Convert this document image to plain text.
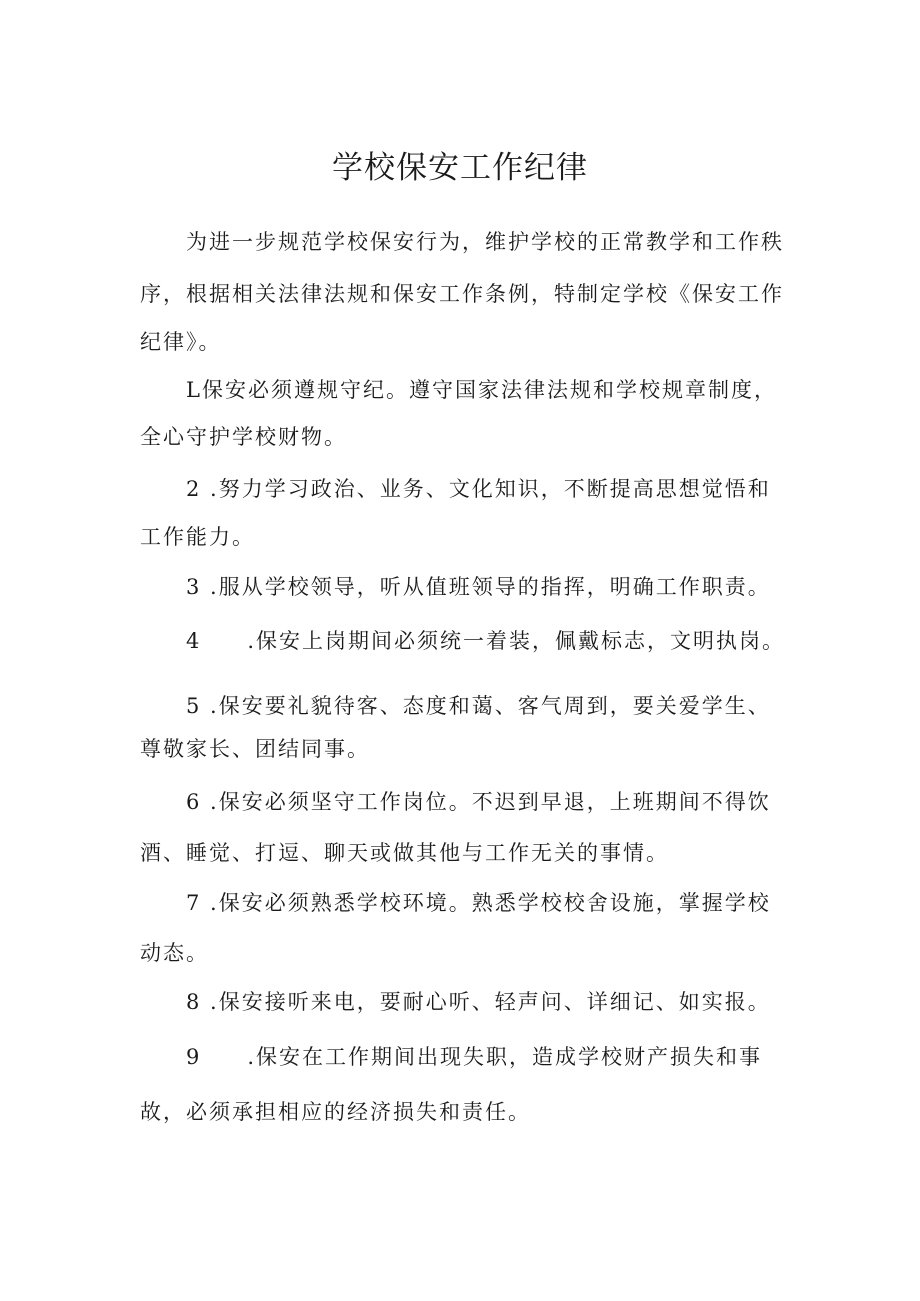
学校保安工作纪律
为进一步规范学校保安行为，维护学校的正常教学和工作秩
序，根据相关法律法规和保安工作条例，特制定学校《保安工作
纪律》。
L保安必须遵规守纪。遵守国家法律法规和学校规章制度，
全心守护学校财物。
2 .努力学习政治、业务、文化知识，不断提高思想觉悟和
工作能力。
3 .服从学校领导，听从值班领导的指挥，明确工作职责。
4　　.保安上岗期间必须统一着装，佩戴标志，文明执岗。
5 .保安要礼貌待客、态度和蔼、客气周到，要关爱学生、
尊敬家长、团结同事。
6 .保安必须坚守工作岗位。不迟到早退，上班期间不得饮
酒、睡觉、打逗、聊天或做其他与工作无关的事情。
7 .保安必须熟悉学校环境。熟悉学校校舍设施，掌握学校
动态。
8 .保安接听来电，要耐心听、轻声问、详细记、如实报。
9　　.保安在工作期间出现失职，造成学校财产损失和事
故，必须承担相应的经济损失和责任。
